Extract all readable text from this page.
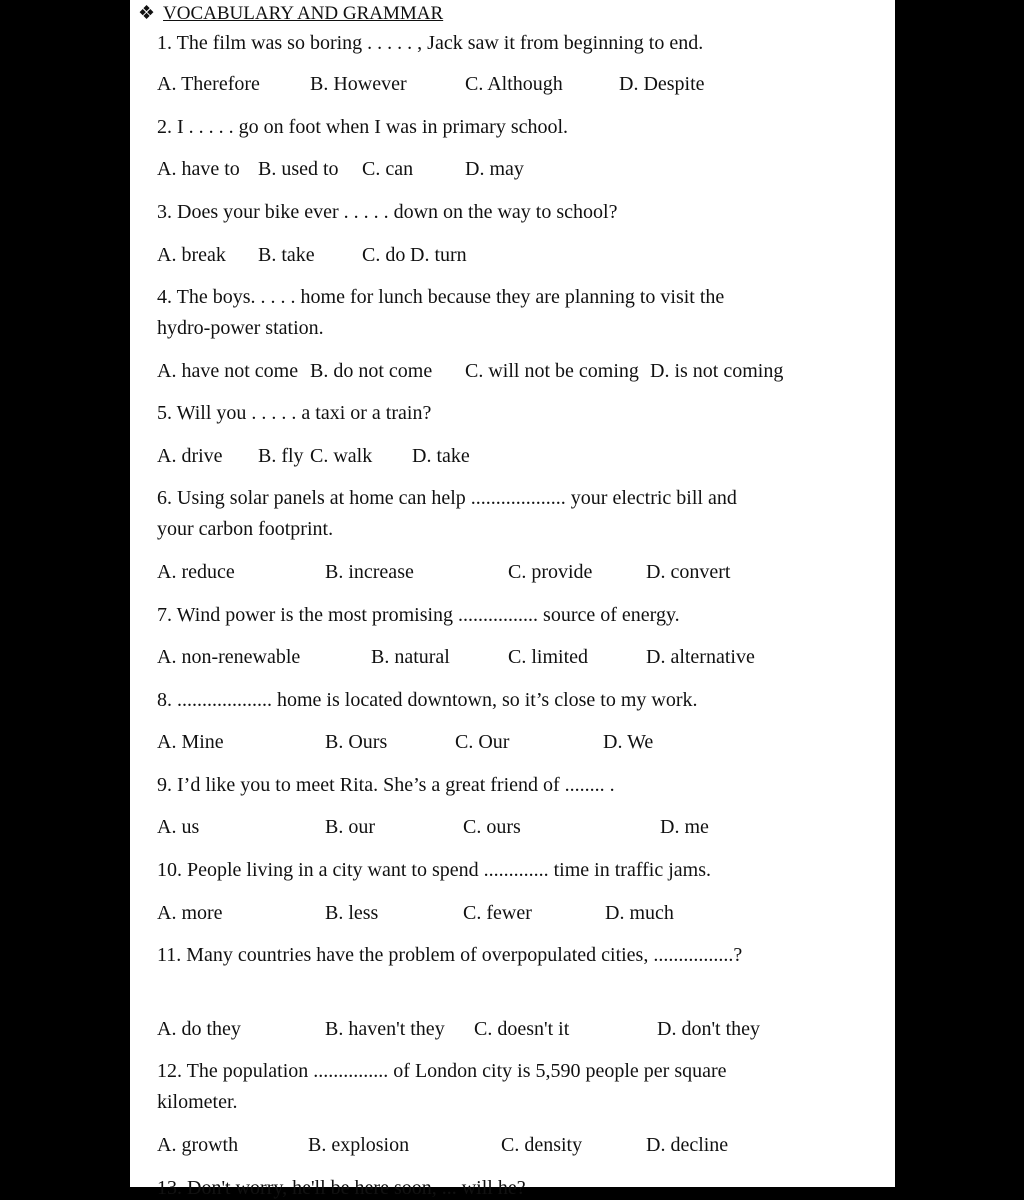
❖ VOCABULARY AND GRAMMAR
1. The film was so boring . . . . . , Jack saw it from beginning to end.
A. Therefore	B. However	C. Although	D. Despite
2. I . . . . . go on foot when I was in primary school.
A. have to B. used to C. can	D. may
3. Does your bike ever . . . . . down on the way to school?
A. break B. take C. do D. turn
4. The boys. . . . . home for lunch because they are planning to visit the
hydro-power station.
A. have not come B. do not come C. will not be coming D. is not coming
5. Will you . . . . . a taxi or a train?
A. drive B. fly C. walk D. take
6. Using solar panels at home can help ................... your electric bill and
your carbon footprint.
A. reduce	B. increase	C. provide	D. convert
7. Wind power is the most promising ................ source of energy.
A. non-renewable	B. natural	C. limited	D. alternative
8. ................... home is located downtown, so it’s close to my work.
A. Mine	B. Ours	C. Our	D. We
9. I’d like you to meet Rita. She’s a great friend of ........ .
A. us	B. our	C. ours	D. me
10. People living in a city want to spend ............. time in traffic jams.
A. more	B. less	C. fewer	D. much
11. Many countries have the problem of overpopulated cities, ................?
A. do they	B. haven't they C. doesn't it	D. don't they
12. The population ............... of London city is 5,590 people per square
kilometer.
A. growth	B. explosion	C. density	D. decline
13. Don't worry, he'll be here soon, ... will he?
